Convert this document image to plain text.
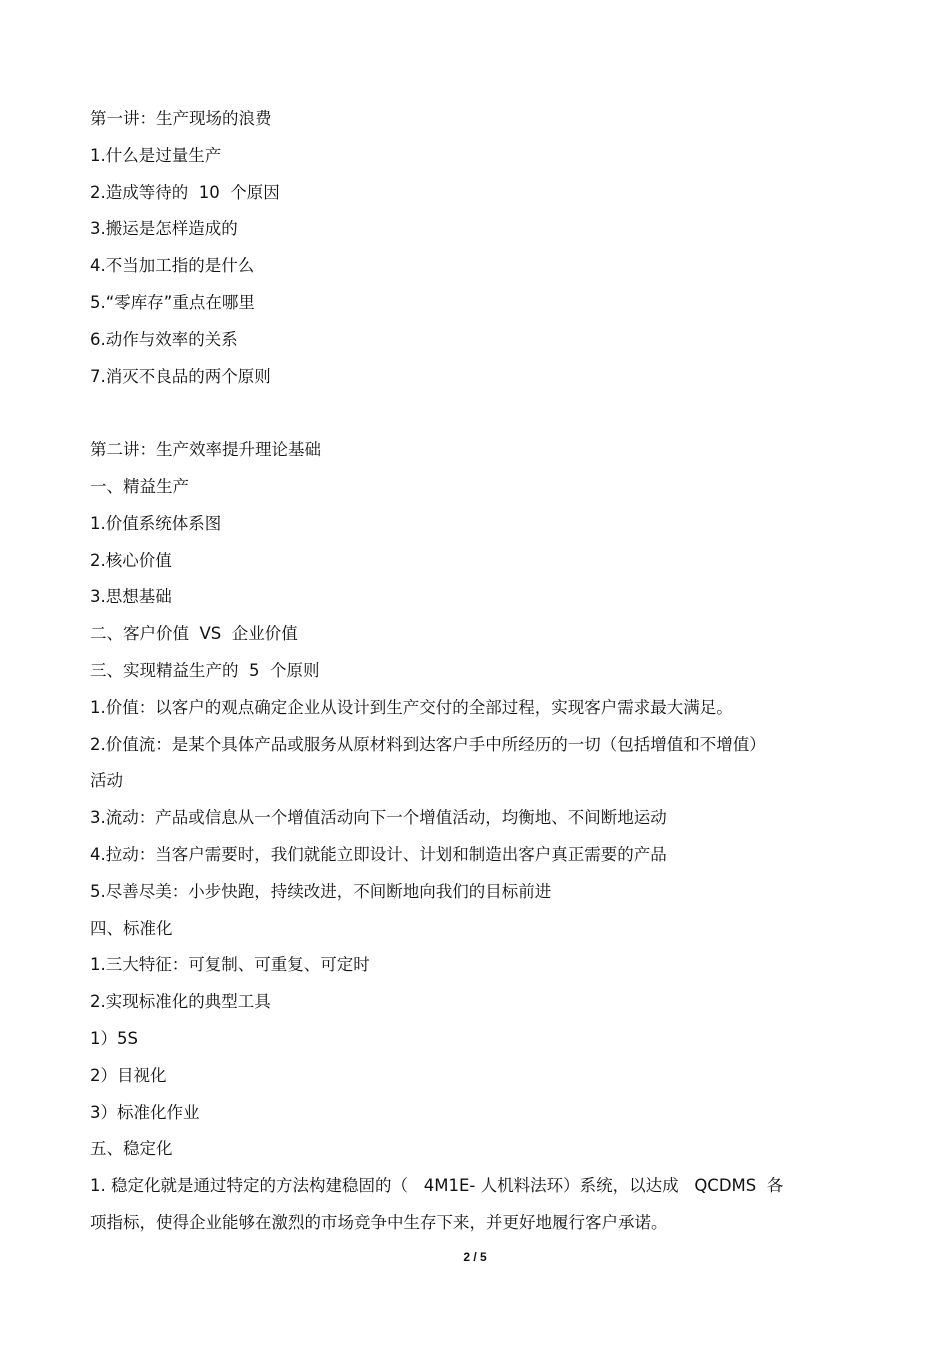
第一讲：生产现场的浪费
1.什么是过量生产
2.造成等待的  10  个原因
3.搬运是怎样造成的
4.不当加工指的是什么
5.“零库存”重点在哪里
6.动作与效率的关系
7.消灭不良品的两个原则
第二讲：生产效率提升理论基础
一、精益生产
1.价值系统体系图
2.核心价值
3.思想基础
二、客户价值  VS  企业价值
三、实现精益生产的  5  个原则
1.价值：以客户的观点确定企业从设计到生产交付的全部过程，实现客户需求最大满足。
2.价值流：是某个具体产品或服务从原材料到达客户手中所经历的一切（包括增值和不增值）
活动
3.流动：产品或信息从一个增值活动向下一个增值活动，均衡地、不间断地运动
4.拉动：当客户需要时，我们就能立即设计、计划和制造出客户真正需要的产品
5.尽善尽美：小步快跑，持续改进，不间断地向我们的目标前进
四、标准化
1.三大特征：可复制、可重复、可定时
2.实现标准化的典型工具
1）5S
2）目视化
3）标准化作业
五、稳定化
1. 稳定化就是通过特定的方法构建稳固的（   4M1E- 人机料法环）系统，以达成   QCDMS  各
项指标，使得企业能够在激烈的市场竞争中生存下来，并更好地履行客户承诺。
2 / 5
